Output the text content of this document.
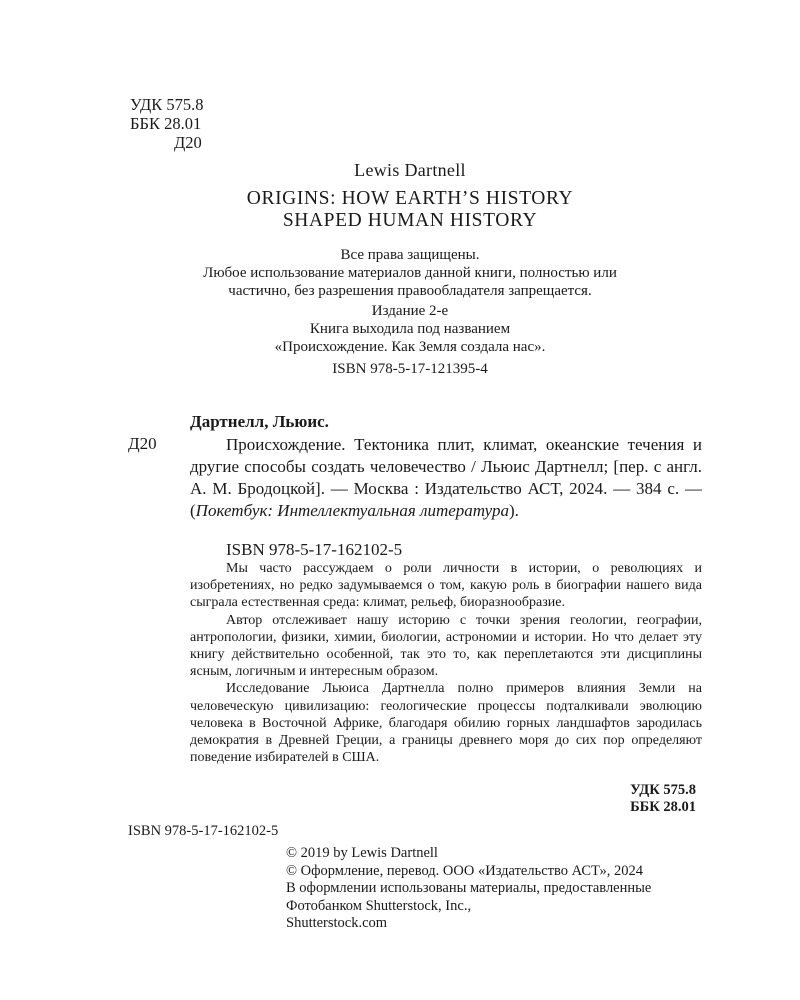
УДК 575.8
ББК 28.01
Д20
Lewis Dartnell
ORIGINS: HOW EARTH’S HISTORY
SHAPED HUMAN HISTORY
Все права защищены.
Любое использование материалов данной книги, полностью или
частично, без разрешения правообладателя запрещается.
Издание 2-е
Книга выходила под названием
«Происхождение. Как Земля создала нас».
ISBN 978-5-17-121395-4
Дартнелл, Льюис.
Д20	Происхождение. Тектоника плит, климат, океанские течения и другие способы создать человечество / Льюис Дартнелл; [пер. с англ. А. М. Бродоцкой]. — Москва : Издательство АСТ, 2024. — 384 с. — (Покетбук: Интеллектуальная литература).
ISBN 978-5-17-162102-5

Мы часто рассуждаем о роли личности в истории, о революциях и изобретениях, но редко задумываемся о том, какую роль в биографии нашего вида сыграла естественная среда: климат, рельеф, биоразнообразие.

Автор отслеживает нашу историю с точки зрения геологии, географии, антропологии, физики, химии, биологии, астрономии и истории. Но что делает эту книгу действительно особенной, так это то, как переплетаются эти дисциплины ясным, логичным и интересным образом.

Исследование Льюиса Дартнелла полно примеров влияния Земли на человеческую цивилизацию: геологические процессы подталкивали эволюцию человека в Восточной Африке, благодаря обилию горных ландшафтов зародилась демократия в Древней Греции, а границы древнего моря до сих пор определяют поведение избирателей в США.

УДК 575.8
ББК 28.01
ISBN 978-5-17-162102-5
© 2019 by Lewis Dartnell
© Оформление, перевод. ООО «Издательство АСТ», 2024
В оформлении использованы материалы, предоставленные
Фотобанком Shutterstock, Inc.,
Shutterstock.com
